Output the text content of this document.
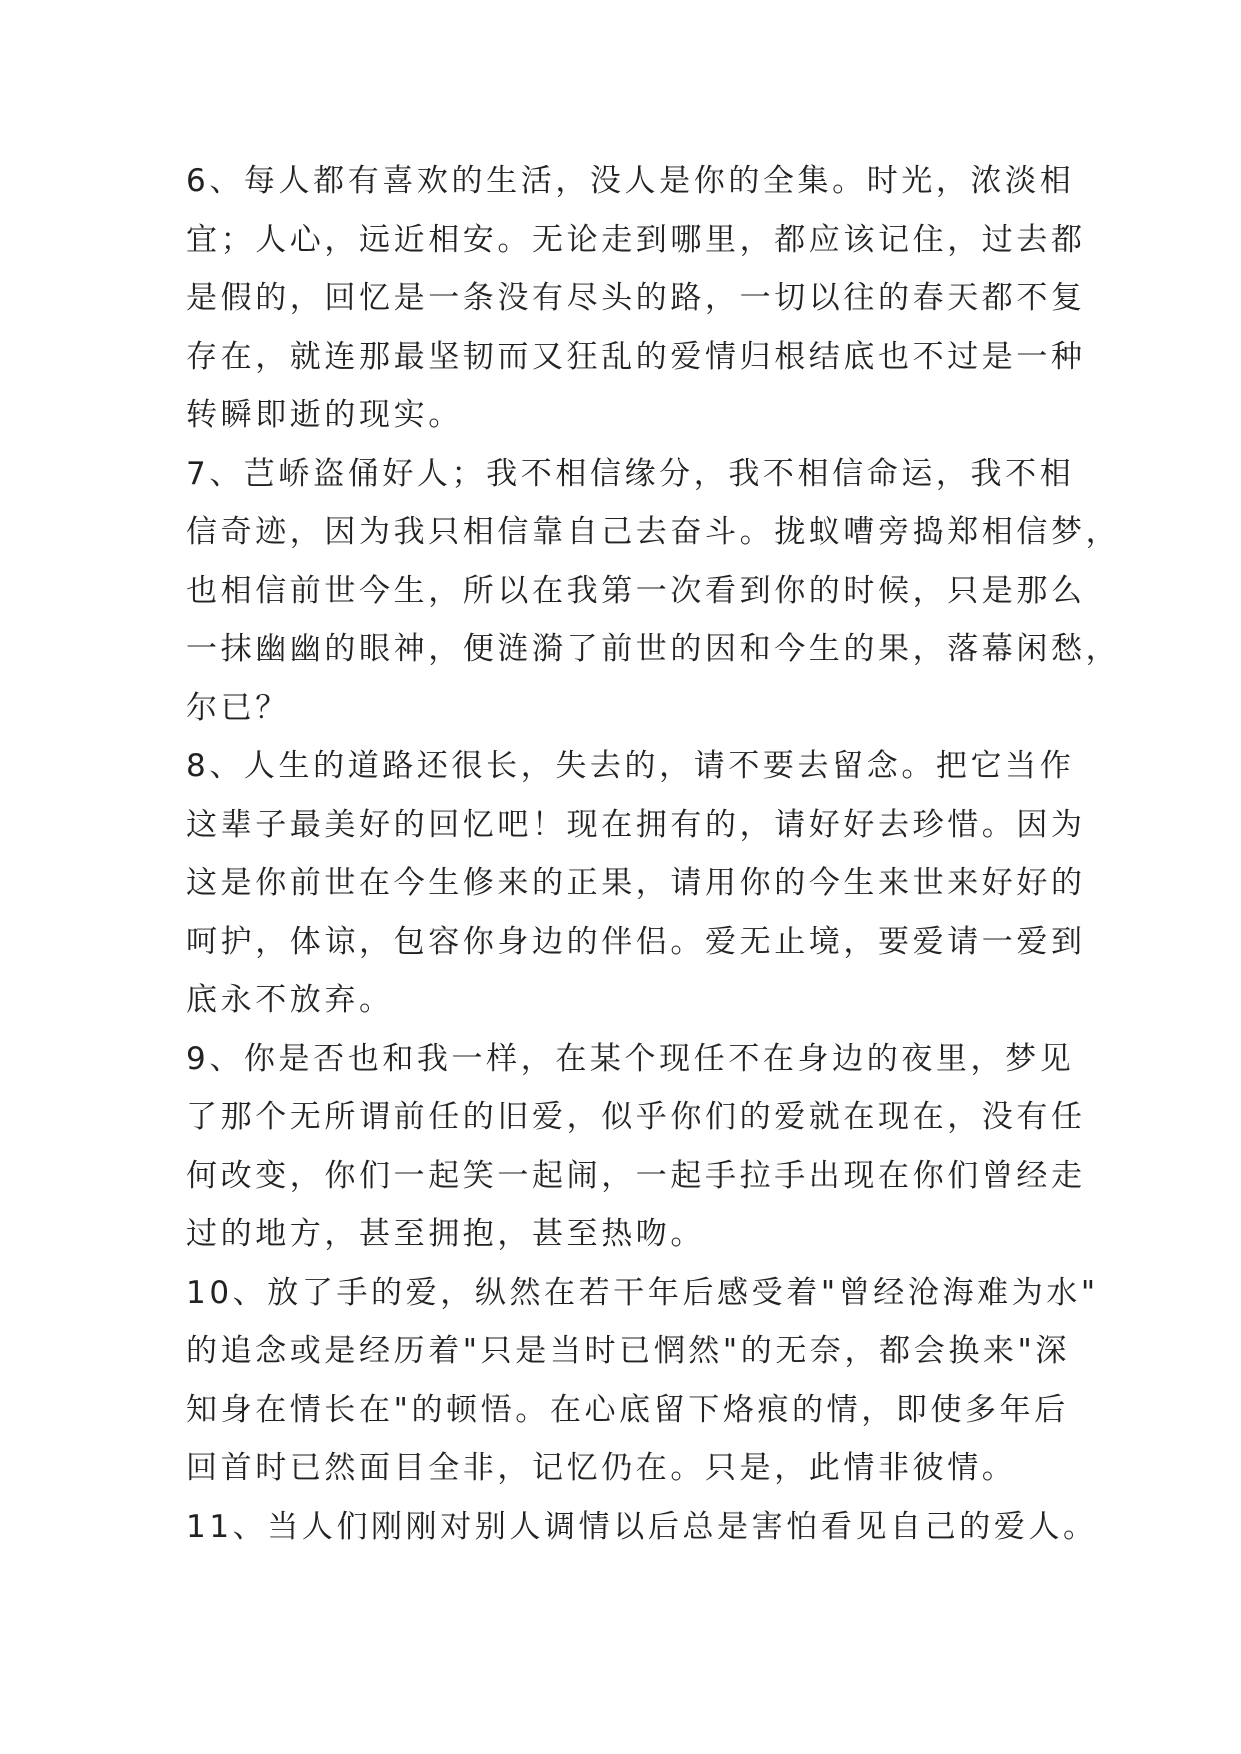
6、每人都有喜欢的生活，没人是你的全集。时光，浓淡相
宜；人心，远近相安。无论走到哪里，都应该记住，过去都
是假的，回忆是一条没有尽头的路，一切以往的春天都不复
存在，就连那最坚韧而又狂乱的爱情归根结底也不过是一种
转瞬即逝的现实。
7、芑峤盗俑好人；我不相信缘分，我不相信命运，我不相
信奇迹，因为我只相信靠自己去奋斗。拢蚁嘈旁捣郑相信梦，
也相信前世今生，所以在我第一次看到你的时候，只是那么
一抹幽幽的眼神，便涟漪了前世的因和今生的果，落幕闲愁，
尔已？
8、人生的道路还很长，失去的，请不要去留念。把它当作
这辈子最美好的回忆吧！现在拥有的，请好好去珍惜。因为
这是你前世在今生修来的正果，请用你的今生来世来好好的
呵护，体谅，包容你身边的伴侣。爱无止境，要爱请一爱到
底永不放弃。
9、你是否也和我一样，在某个现任不在身边的夜里，梦见
了那个无所谓前任的旧爱，似乎你们的爱就在现在，没有任
何改变，你们一起笑一起闹，一起手拉手出现在你们曾经走
过的地方，甚至拥抱，甚至热吻。
10、放了手的爱，纵然在若干年后感受着"曾经沧海难为水"
的追念或是经历着"只是当时已惘然"的无奈，都会换来"深
知身在情长在"的顿悟。在心底留下烙痕的情，即使多年后
回首时已然面目全非，记忆仍在。只是，此情非彼情。
11、当人们刚刚对别人调情以后总是害怕看见自己的爱人。
